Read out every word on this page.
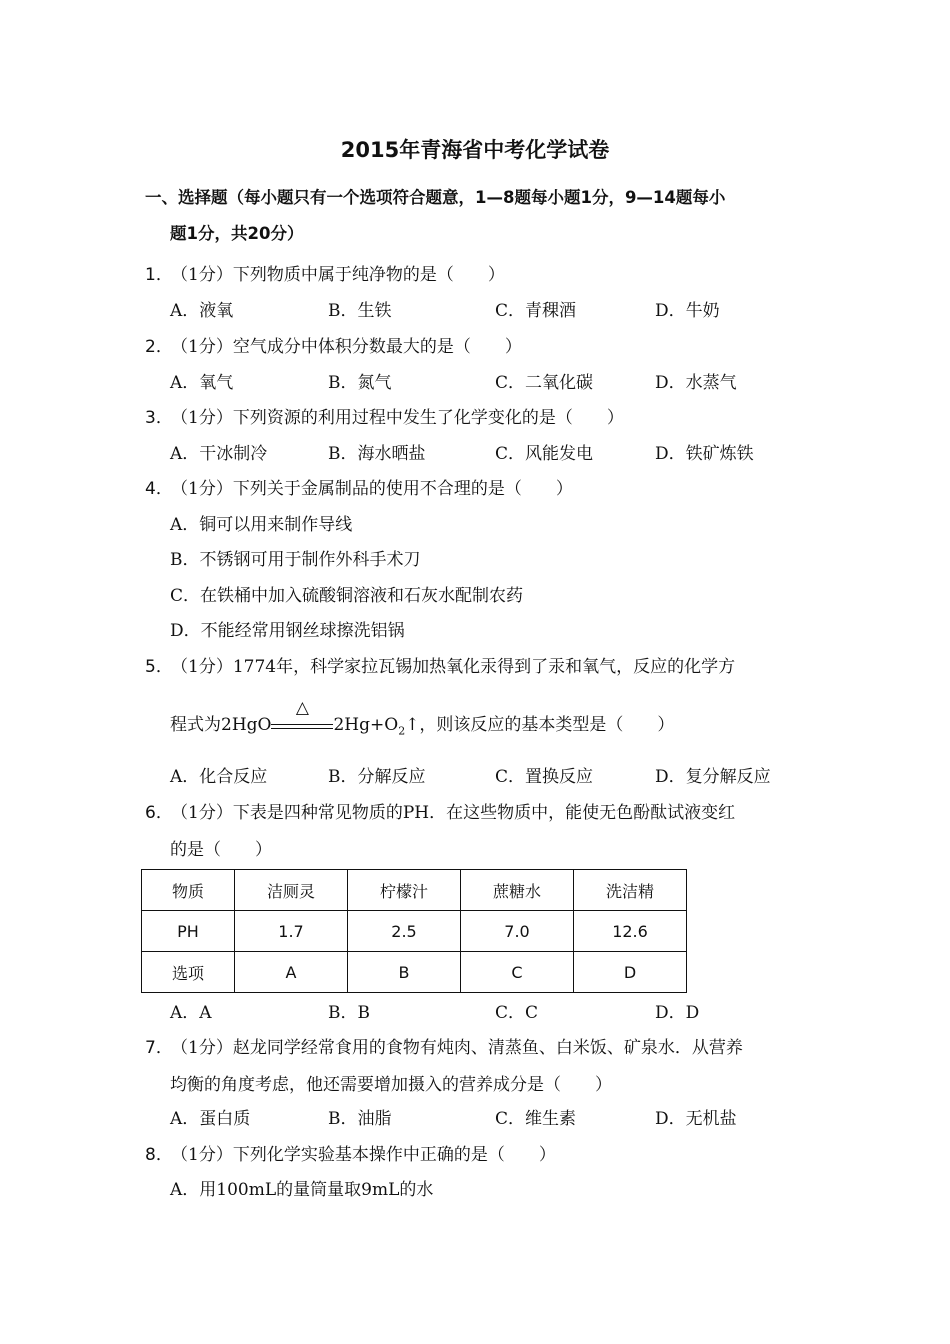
2015年青海省中考化学试卷
一、选择题（每小题只有一个选项符合题意，1—8题每小题1分，9—14题每小
题1分，共20分）
1．（1分）下列物质中属于纯净物的是（　　）
A．液氧	B．生铁	C．青稞酒	D．牛奶
2．（1分）空气成分中体积分数最大的是（　　）
A．氧气	B．氮气	C．二氧化碳	D．水蒸气
3．（1分）下列资源的利用过程中发生了化学变化的是（　　）
A．干冰制冷	B．海水晒盐	C．风能发电	D．铁矿炼铁
4．（1分）下列关于金属制品的使用不合理的是（　　）
A．铜可以用来制作导线
B．不锈钢可用于制作外科手术刀
C．在铁桶中加入硫酸铜溶液和石灰水配制农药
D．不能经常用钢丝球擦洗铝锅
5．（1分）1774年，科学家拉瓦锡加热氧化汞得到了汞和氧气，反应的化学方
程式为2HgO
△
$2Hg+O_2↑$，则该反应的基本类型是（　　）
A．化合反应	B．分解反应	C．置换反应	D．复分解反应
6．（1分）下表是四种常见物质的PH．在这些物质中，能使无色酚酞试液变红
的是（　　）
物质	洁厕灵	柠檬汁	蔗糖水	洗洁精
PH	1.7	2.5	7.0	12.6
选项	A	B	C	D
A．A	B．B	C．C	D．D
7．（1分）赵龙同学经常食用的食物有炖肉、清蒸鱼、白米饭、矿泉水．从营养
均衡的角度考虑，他还需要增加摄入的营养成分是（　　）
A．蛋白质	B．油脂	C．维生素	D．无机盐
8．（1分）下列化学实验基本操作中正确的是（　　）
A．用100mL的量筒量取9mL的水
